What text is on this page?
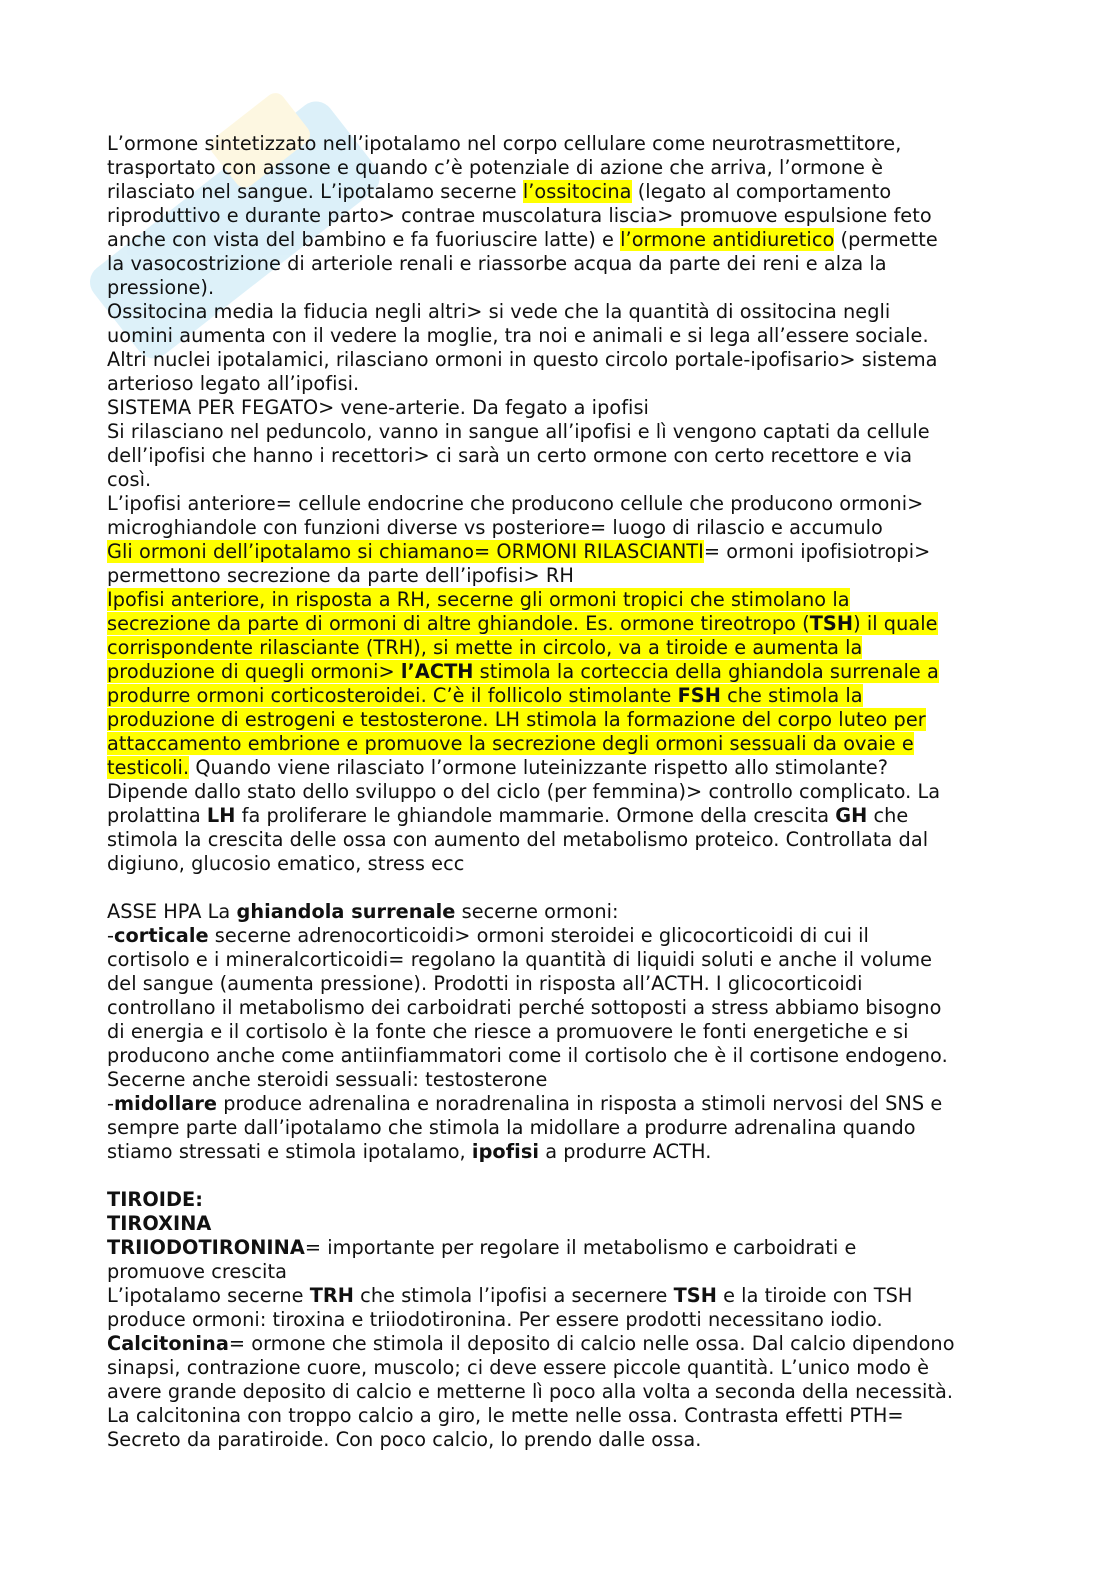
L’ormone sintetizzato nell’ipotalamo nel corpo cellulare come neurotrasmettitore,
trasportato con assone e quando c’è potenziale di azione che arriva, l’ormone è
rilasciato nel sangue. L’ipotalamo secerne l’ossitocina (legato al comportamento
riproduttivo e durante parto> contrae muscolatura liscia> promuove espulsione feto
anche con vista del bambino e fa fuoriuscire latte) e l’ormone antidiuretico (permette
la vasocostrizione di arteriole renali e riassorbe acqua da parte dei reni e alza la
pressione).
Ossitocina media la fiducia negli altri> si vede che la quantità di ossitocina negli
uomini aumenta con il vedere la moglie, tra noi e animali e si lega all’essere sociale.
Altri nuclei ipotalamici, rilasciano ormoni in questo circolo portale-ipofisario> sistema
arterioso legato all’ipofisi.
SISTEMA PER FEGATO> vene-arterie. Da fegato a ipofisi
Si rilasciano nel peduncolo, vanno in sangue all’ipofisi e lì vengono captati da cellule
dell’ipofisi che hanno i recettori> ci sarà un certo ormone con certo recettore e via
così.
L’ipofisi anteriore= cellule endocrine che producono cellule che producono ormoni>
microghiandole con funzioni diverse vs posteriore= luogo di rilascio e accumulo
Gli ormoni dell’ipotalamo si chiamano= ORMONI RILASCIANTI= ormoni ipofisiotropi>
permettono secrezione da parte dell’ipofisi> RH
Ipofisi anteriore, in risposta a RH, secerne gli ormoni tropici che stimolano la
secrezione da parte di ormoni di altre ghiandole. Es. ormone tireotropo (TSH) il quale
corrispondente rilasciante (TRH), si mette in circolo, va a tiroide e aumenta la
produzione di quegli ormoni> l’ACTH stimola la corteccia della ghiandola surrenale a
produrre ormoni corticosteroidei. C’è il follicolo stimolante FSH che stimola la
produzione di estrogeni e testosterone. LH stimola la formazione del corpo luteo per
attaccamento embrione e promuove la secrezione degli ormoni sessuali da ovaie e
testicoli. Quando viene rilasciato l’ormone luteinizzante rispetto allo stimolante?
Dipende dallo stato dello sviluppo o del ciclo (per femmina)> controllo complicato. La
prolattina LH fa proliferare le ghiandole mammarie. Ormone della crescita GH che
stimola la crescita delle ossa con aumento del metabolismo proteico. Controllata dal
digiuno, glucosio ematico, stress ecc
ASSE HPA La ghiandola surrenale secerne ormoni:
-corticale secerne adrenocorticoidi> ormoni steroidei e glicocorticoidi di cui il
cortisolo e i mineralcorticoidi= regolano la quantità di liquidi soluti e anche il volume
del sangue (aumenta pressione). Prodotti in risposta all’ACTH. I glicocorticoidi
controllano il metabolismo dei carboidrati perché sottoposti a stress abbiamo bisogno
di energia e il cortisolo è la fonte che riesce a promuovere le fonti energetiche e si
producono anche come antiinfiammatori come il cortisolo che è il cortisone endogeno.
Secerne anche steroidi sessuali: testosterone
-midollare produce adrenalina e noradrenalina in risposta a stimoli nervosi del SNS e
sempre parte dall’ipotalamo che stimola la midollare a produrre adrenalina quando
stiamo stressati e stimola ipotalamo, ipofisi a produrre ACTH.
TIROIDE:
TIROXINA
TRIIODOTIRONINA= importante per regolare il metabolismo e carboidrati e
promuove crescita
L’ipotalamo secerne TRH che stimola l’ipofisi a secernere TSH e la tiroide con TSH
produce ormoni: tiroxina e triiodotironina. Per essere prodotti necessitano iodio.
Calcitonina= ormone che stimola il deposito di calcio nelle ossa. Dal calcio dipendono
sinapsi, contrazione cuore, muscolo; ci deve essere piccole quantità. L’unico modo è
avere grande deposito di calcio e metterne lì poco alla volta a seconda della necessità.
La calcitonina con troppo calcio a giro, le mette nelle ossa. Contrasta effetti PTH=
Secreto da paratiroide. Con poco calcio, lo prendo dalle ossa.
